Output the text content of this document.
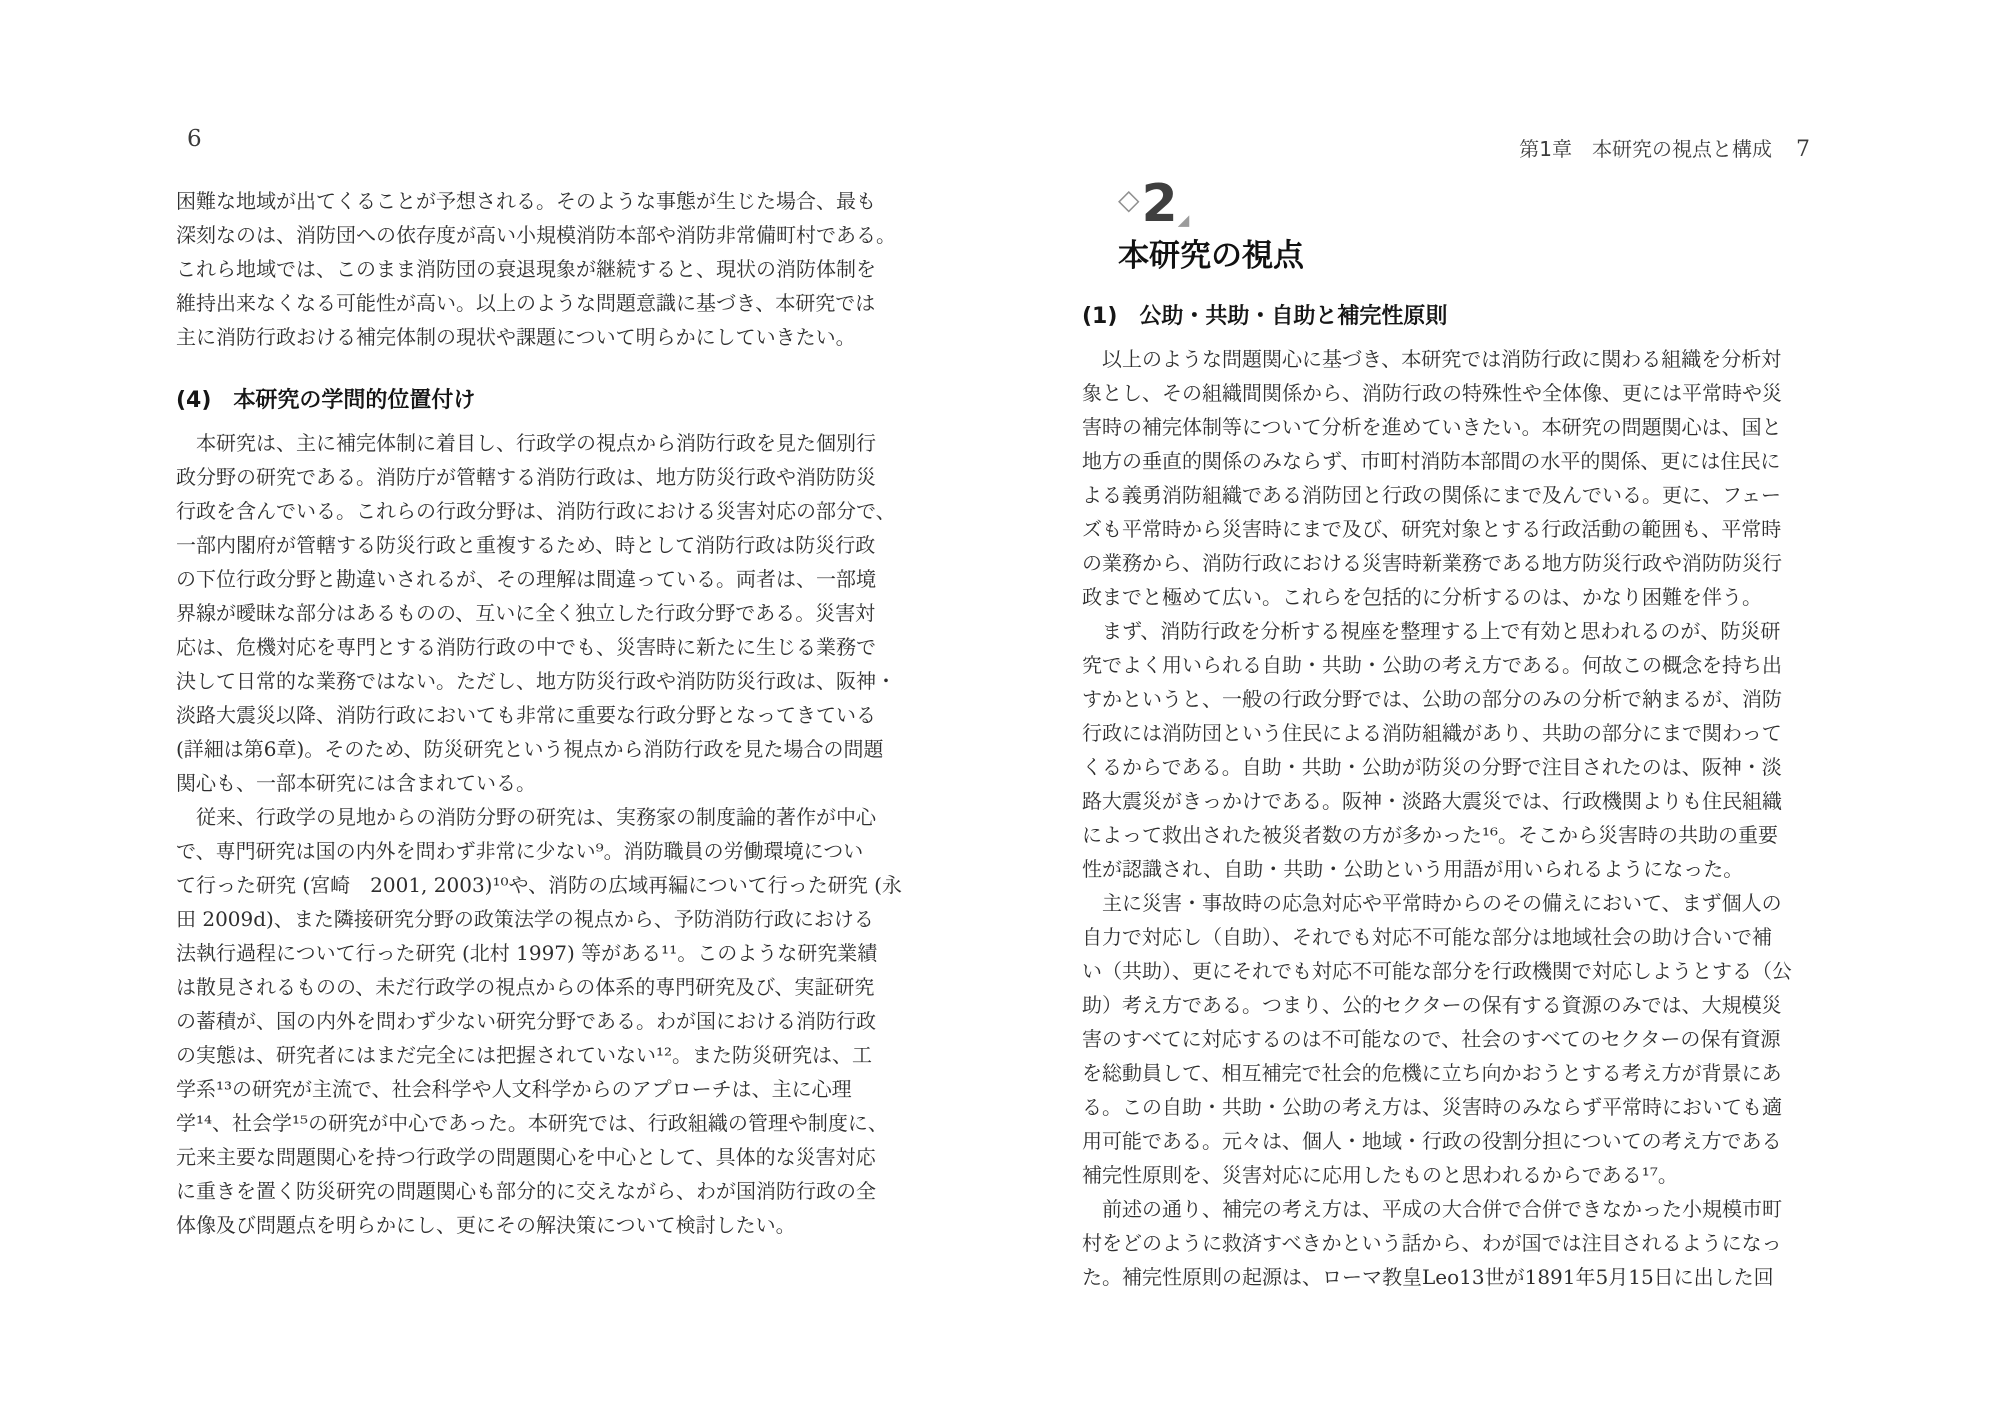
6
困難な地域が出てくることが予想される。そのような事態が生じた場合、最も
深刻なのは、消防団への依存度が高い小規模消防本部や消防非常備町村である。
これら地域では、このまま消防団の衰退現象が継続すると、現状の消防体制を
維持出来なくなる可能性が高い。以上のような問題意識に基づき、本研究では
主に消防行政おける補完体制の現状や課題について明らかにしていきたい。
(4)　本研究の学問的位置付け
　本研究は、主に補完体制に着目し、行政学の視点から消防行政を見た個別行
政分野の研究である。消防庁が管轄する消防行政は、地方防災行政や消防防災
行政を含んでいる。これらの行政分野は、消防行政における災害対応の部分で、
一部内閣府が管轄する防災行政と重複するため、時として消防行政は防災行政
の下位行政分野と勘違いされるが、その理解は間違っている。両者は、一部境
界線が曖昧な部分はあるものの、互いに全く独立した行政分野である。災害対
応は、危機対応を専門とする消防行政の中でも、災害時に新たに生じる業務で
決して日常的な業務ではない。ただし、地方防災行政や消防防災行政は、阪神・
淡路大震災以降、消防行政においても非常に重要な行政分野となってきている
(詳細は第6章)。そのため、防災研究という視点から消防行政を見た場合の問題
関心も、一部本研究には含まれている。
　従来、行政学の見地からの消防分野の研究は、実務家の制度論的著作が中心
で、専門研究は国の内外を問わず非常に少ない⁹。消防職員の労働環境につい
て行った研究 (宮崎　2001, 2003)¹⁰や、消防の広域再編について行った研究 (永
田 2009d)、また隣接研究分野の政策法学の視点から、予防消防行政における
法執行過程について行った研究 (北村 1997) 等がある¹¹。このような研究業績
は散見されるものの、未だ行政学の視点からの体系的専門研究及び、実証研究
の蓄積が、国の内外を問わず少ない研究分野である。わが国における消防行政
の実態は、研究者にはまだ完全には把握されていない¹²。また防災研究は、工
学系¹³の研究が主流で、社会科学や人文科学からのアプローチは、主に心理
学¹⁴、社会学¹⁵の研究が中心であった。本研究では、行政組織の管理や制度に、
元来主要な問題関心を持つ行政学の問題関心を中心として、具体的な災害対応
に重きを置く防災研究の問題関心も部分的に交えながら、わが国消防行政の全
体像及び問題点を明らかにし、更にその解決策について検討したい。
第1章　本研究の視点と構成 7
◇ 2 ◢
本研究の視点
(1)　公助・共助・自助と補完性原則
　以上のような問題関心に基づき、本研究では消防行政に関わる組織を分析対
象とし、その組織間関係から、消防行政の特殊性や全体像、更には平常時や災
害時の補完体制等について分析を進めていきたい。本研究の問題関心は、国と
地方の垂直的関係のみならず、市町村消防本部間の水平的関係、更には住民に
よる義勇消防組織である消防団と行政の関係にまで及んでいる。更に、フェー
ズも平常時から災害時にまで及び、研究対象とする行政活動の範囲も、平常時
の業務から、消防行政における災害時新業務である地方防災行政や消防防災行
政までと極めて広い。これらを包括的に分析するのは、かなり困難を伴う。
　まず、消防行政を分析する視座を整理する上で有効と思われるのが、防災研
究でよく用いられる自助・共助・公助の考え方である。何故この概念を持ち出
すかというと、一般の行政分野では、公助の部分のみの分析で納まるが、消防
行政には消防団という住民による消防組織があり、共助の部分にまで関わって
くるからである。自助・共助・公助が防災の分野で注目されたのは、阪神・淡
路大震災がきっかけである。阪神・淡路大震災では、行政機関よりも住民組織
によって救出された被災者数の方が多かった¹⁶。そこから災害時の共助の重要
性が認識され、自助・共助・公助という用語が用いられるようになった。
　主に災害・事故時の応急対応や平常時からのその備えにおいて、まず個人の
自力で対応し（自助）、それでも対応不可能な部分は地域社会の助け合いで補
い（共助）、更にそれでも対応不可能な部分を行政機関で対応しようとする（公
助）考え方である。つまり、公的セクターの保有する資源のみでは、大規模災
害のすべてに対応するのは不可能なので、社会のすべてのセクターの保有資源
を総動員して、相互補完で社会的危機に立ち向かおうとする考え方が背景にあ
る。この自助・共助・公助の考え方は、災害時のみならず平常時においても適
用可能である。元々は、個人・地域・行政の役割分担についての考え方である
補完性原則を、災害対応に応用したものと思われるからである¹⁷。
　前述の通り、補完の考え方は、平成の大合併で合併できなかった小規模市町
村をどのように救済すべきかという話から、わが国では注目されるようになっ
た。補完性原則の起源は、ローマ教皇Leo13世が1891年5月15日に出した回
